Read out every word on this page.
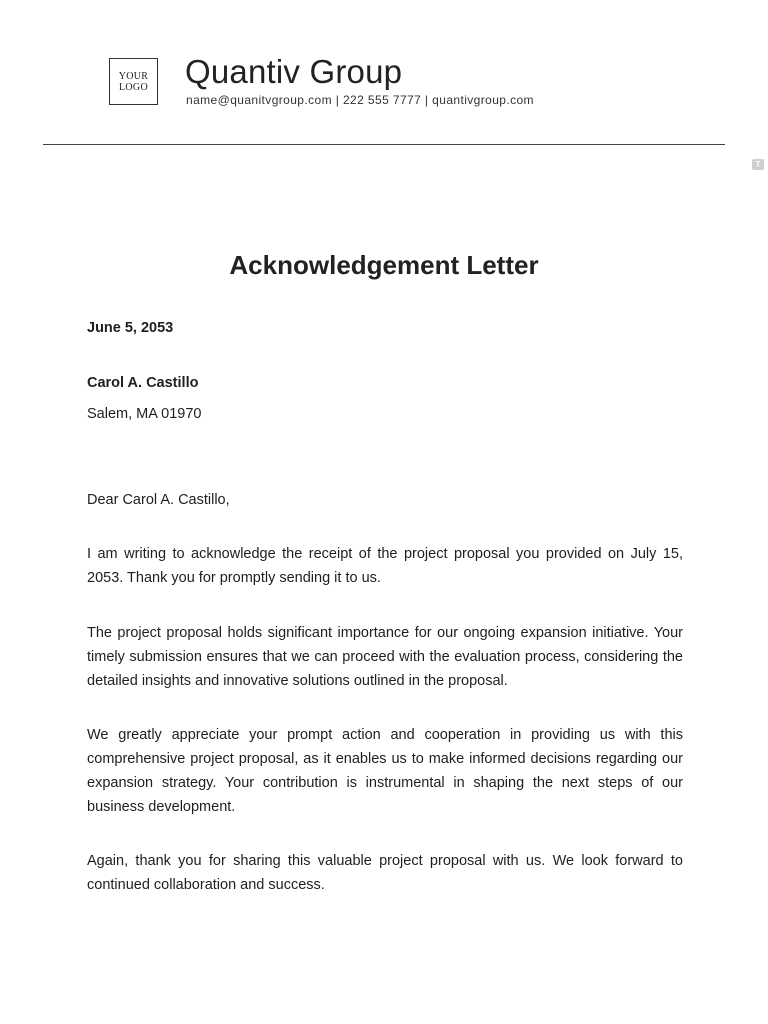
YOUR
LOGO Quantiv Group
name@quanitvgroup.com | 222 555 7777 | quantivgroup.com
T
Acknowledgement Letter
June 5, 2053
Carol A. Castillo
Salem, MA 01970
Dear Carol A. Castillo,

I am writing to acknowledge the receipt of the project proposal you provided on July 15, 2053. Thank you for promptly sending it to us.

The project proposal holds significant importance for our ongoing expansion initiative. Your timely submission ensures that we can proceed with the evaluation process, considering the detailed insights and innovative solutions outlined in the proposal.

We greatly appreciate your prompt action and cooperation in providing us with this comprehensive project proposal, as it enables us to make informed decisions regarding our expansion strategy. Your contribution is instrumental in shaping the next steps of our business development.

Again, thank you for sharing this valuable project proposal with us. We look forward to continued collaboration and success.
